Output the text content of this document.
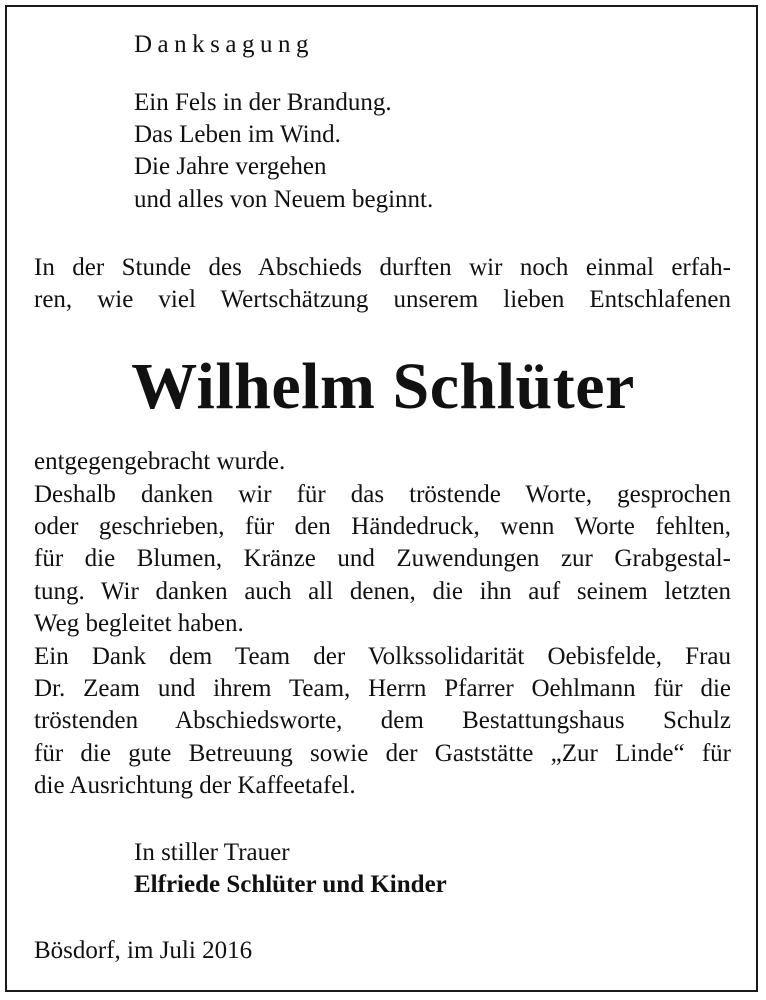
Danksagung
Ein Fels in der Brandung.
Das Leben im Wind.
Die Jahre vergehen
und alles von Neuem beginnt.
In der Stunde des Abschieds durften wir noch einmal erfah-
ren, wie viel Wertschätzung unserem lieben Entschlafenen
Wilhelm Schlüter
entgegengebracht wurde.
Deshalb danken wir für das tröstende Worte, gesprochen
oder geschrieben, für den Händedruck, wenn Worte fehlten,
für die Blumen, Kränze und Zuwendungen zur Grabgestal-
tung. Wir danken auch all denen, die ihn auf seinem letzten
Weg begleitet haben.
Ein Dank dem Team der Volkssolidarität Oebisfelde, Frau
Dr. Zeam und ihrem Team, Herrn Pfarrer Oehlmann für die
tröstenden Abschiedsworte, dem Bestattungshaus Schulz
für die gute Betreuung sowie der Gaststätte „Zur Linde“ für
die Ausrichtung der Kaffeetafel.
In stiller Trauer
Elfriede Schlüter und Kinder
Bösdorf, im Juli 2016
